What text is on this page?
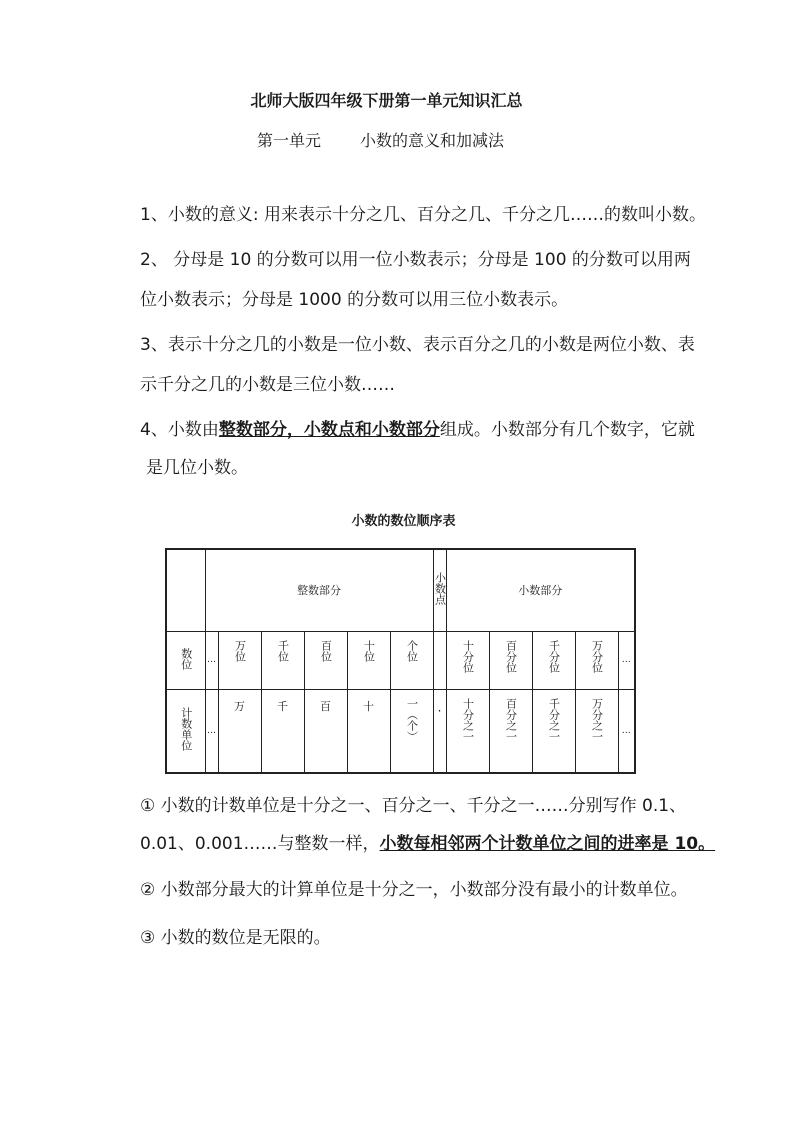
北师大版四年级下册第一单元知识汇总
第一单元 小数的意义和加减法
1、小数的意义: 用来表示十分之几、百分之几、千分之几……的数叫小数。
2、 分母是 10 的分数可以用一位小数表示；分母是 100 的分数可以用两
位小数表示；分母是 1000 的分数可以用三位小数表示。
3、表示十分之几的小数是一位小数、表示百分之几的小数是两位小数、表
示千分之几的小数是三位小数……
4、小数由整数部分，小数点和小数部分组成。小数部分有几个数字，它就
是几位小数。
小数的数位顺序表
	整数部分						小数点	小数部分				
数位	…	万位	千位	百位	十位	个位		十分位	百分位	千分位	万分位	…
计数单位	…	万	千	百	十	一（个）	·	十分之一	百分之一	千分之一	万分之一	…
① 小数的计数单位是十分之一、百分之一、千分之一……分别写作 0.1、
0.01、0.001……与整数一样，小数每相邻两个计数单位之间的进率是 10。
② 小数部分最大的计算单位是十分之一，小数部分没有最小的计数单位。
③ 小数的数位是无限的。
